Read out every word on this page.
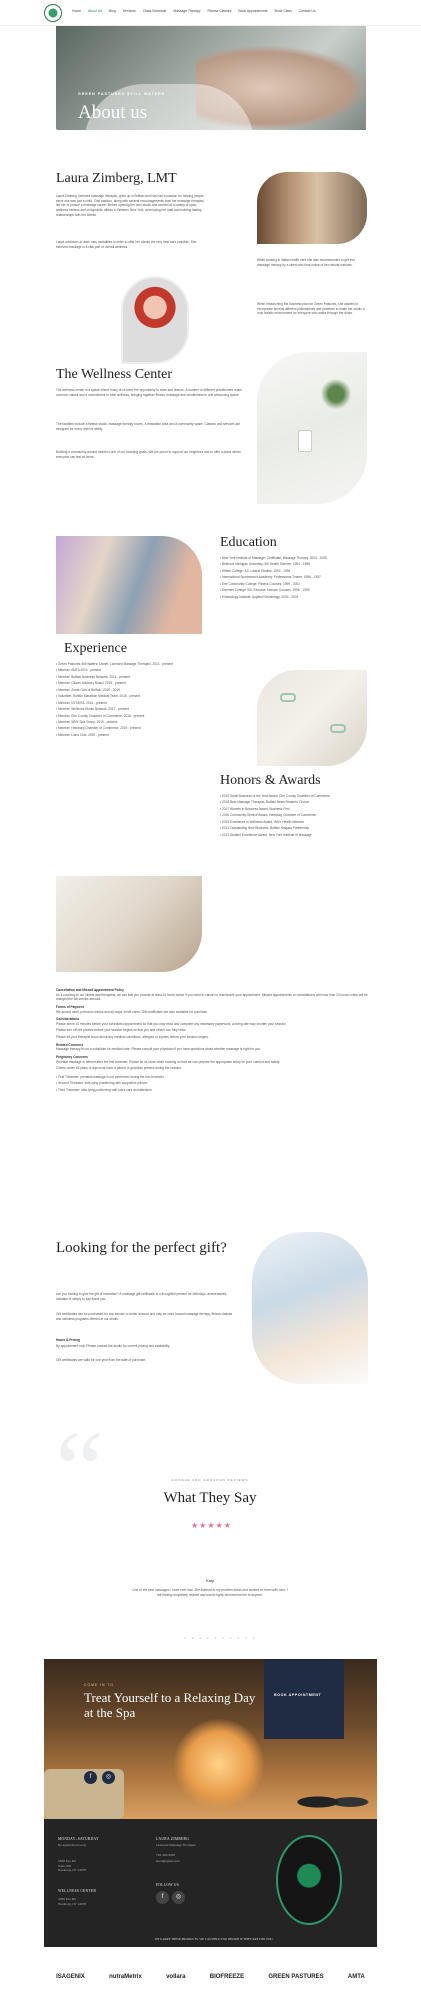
Home About Us Blog Services Class Schedule Massage Therapy Fitness Classes Book Appointments Book Class Contact Us
GREEN PASTURES STILL WATERS
About us
Laura Zimberg, LMT
Laura Zimberg, licensed massage therapist, grew up in Buffalo and has had a passion for helping people since she was just a child. That passion, along with several encouragements from her massage therapist, led her to pursue a massage career. Before opening her own studio she worked at a variety of spas, wellness centers and chiropractic offices in Western New York, developing her craft and building lasting relationships with her clients.
Laura continues to learn new modalities in order to offer her clients the very best care possible. She believes massage is a vital part of overall wellness.
While working in Italian health care she was recommended to get into massage therapy by a client who took notice of her natural instincts.
When researching the business plan for Green Pastures, she wanted to incorporate several different philosophies and practices to make her studio a truly holistic environment for everyone who walks through the doors.
The Wellness Center
The wellness center is a space where many of us have the opportunity to relax and restore. A number of different practitioners share common values and a commitment to total wellness, bringing together fitness, massage and mindfulness in one welcoming space.
The facilities include a fitness studio, massage therapy rooms, a relaxation area and a community space. Classes and services are designed for every level of ability.
Building a community around health is one of our founding goals. We are proud to support our neighbors and to offer a place where everyone can feel at home.
Education
• New York Institute of Massage: Certificate, Massage Therapy, 2004 - 2005
• Bellevue Michigan University: BS Health Science, 1994 - 1998
• Hilbert College: AS, Liberal Studies, 1992 - 1994
• International Sportsman's Academy: Professional Trainer, 1996 - 1997
• Erie Community College: Fitness Courses, 1999 - 2001
• Daemen College: BS, Exercise Science Courses, 1996 - 1999
• Kinesiology Institute: Applied Kinesiology, 2002 - 2003
Experience
• Green Pastures Still Waters: Owner, Licensed Massage Therapist, 2014 - present
• Member, AMTA 2014 - present
• Member, Buffalo Business Network, 2014 - present
• Member, Citizen Advisory Board, 2015 - present
• Member, Zonta Club of Buffalo, 2015 - 2019
• Volunteer, Buffalo Marathon Medical Team, 2016 - present
• Member, NYSMTA, 2014 - present
• Member, Wellness Works Network, 2017 - present
• Member, Erie County Chamber of Commerce, 2018 - present
• Member, WNY Spa Group, 2019 - present
• Member, Hamburg Chamber of Commerce, 2019 - present
• Member, Lions Club, 2020 - present
Honors & Awards
• 2019 Small Business of the Year Award, Erie County Chamber of Commerce
• 2018 Best Massage Therapist, Buffalo News Readers' Choice
• 2017 Women in Business Award, Business First
• 2016 Community Service Award, Hamburg Chamber of Commerce
• 2015 Excellence in Wellness Award, WNY Health Network
• 2014 Outstanding New Business, Buffalo Niagara Partnership
• 2013 Student Excellence Award, New York Institute of Massage
Cancellation and Missed Appointment Policy
As a courtesy to our clients and therapists, we ask that you provide at least 24 hours notice if you need to cancel or reschedule your appointment. Missed appointments or cancellations with less than 24 hours notice will be charged the full service amount.
Forms of Payment
We accept cash, personal checks and all major credit cards. Gift certificates are also available for purchase.
Considerations
Please arrive 10 minutes before your scheduled appointment so that you may relax and complete any necessary paperwork. Arriving late may shorten your session.
Please turn off cell phones before your session begins so that you and others can fully relax.
Please let your therapist know about any medical conditions, allergies or injuries before your session begins.
Related Concerns
Massage therapy is not a substitute for medical care. Please consult your physician if you have questions about whether massage is right for you.
Pregnancy Concerns
Prenatal massage is offered after the first trimester. Please let us know when booking so that we can prepare the appropriate setup for your comfort and safety.
Clients under 18 years of age must have a parent or guardian present during the session.
• First Trimester: prenatal massage is not performed during the first trimester.
• Second Trimester: side-lying positioning with supportive pillows.
• Third Trimester: side-lying positioning with extra care and attention.
Looking for the perfect gift?
Are you looking to give the gift of relaxation? A massage gift certificate is a thoughtful present for birthdays, anniversaries, holidays or simply to say thank you.
Gift certificates can be purchased for any service or dollar amount and may be used toward massage therapy, fitness classes and wellness programs offered at our studio.
Hours & Pricing
By appointment only. Please contact the studio for current pricing and availability.
Gift certificates are valid for one year from the date of purchase.
“	GOOGLE AND GROUPON REVIEWS
What They Say
★★★★★
Katy
One of the best massages I have ever had. She listened to my problem areas and worked on them with care. I left feeling completely relaxed and would highly recommend her to anyone.
● ● ● ● ● ● ● ● ● ●
COME IN TO
Treat Yourself to a Relaxing Day at the Spa
f	◎
BOOK APPOINTMENT
MONDAY–SATURDAY
By appointment only
4530 Fox Rd
Suite 300
Hamburg, NY 14075
WELLNESS CENTER
4530 Fox Rd
Hamburg, NY 14075
LAURA ZIMBERG
Licensed Massage Therapist
716-123-4567
laura@gpsw.com
FOLLOW US
f	◎
WE CARRY THESE PRODUCTS. WE CAN HELP YOU DECIDE IF THEY ARE FOR YOU.
ISAGENIX	nutraMetrix	vollara	BIOFREEZE	GREEN PASTURES	AMTA
